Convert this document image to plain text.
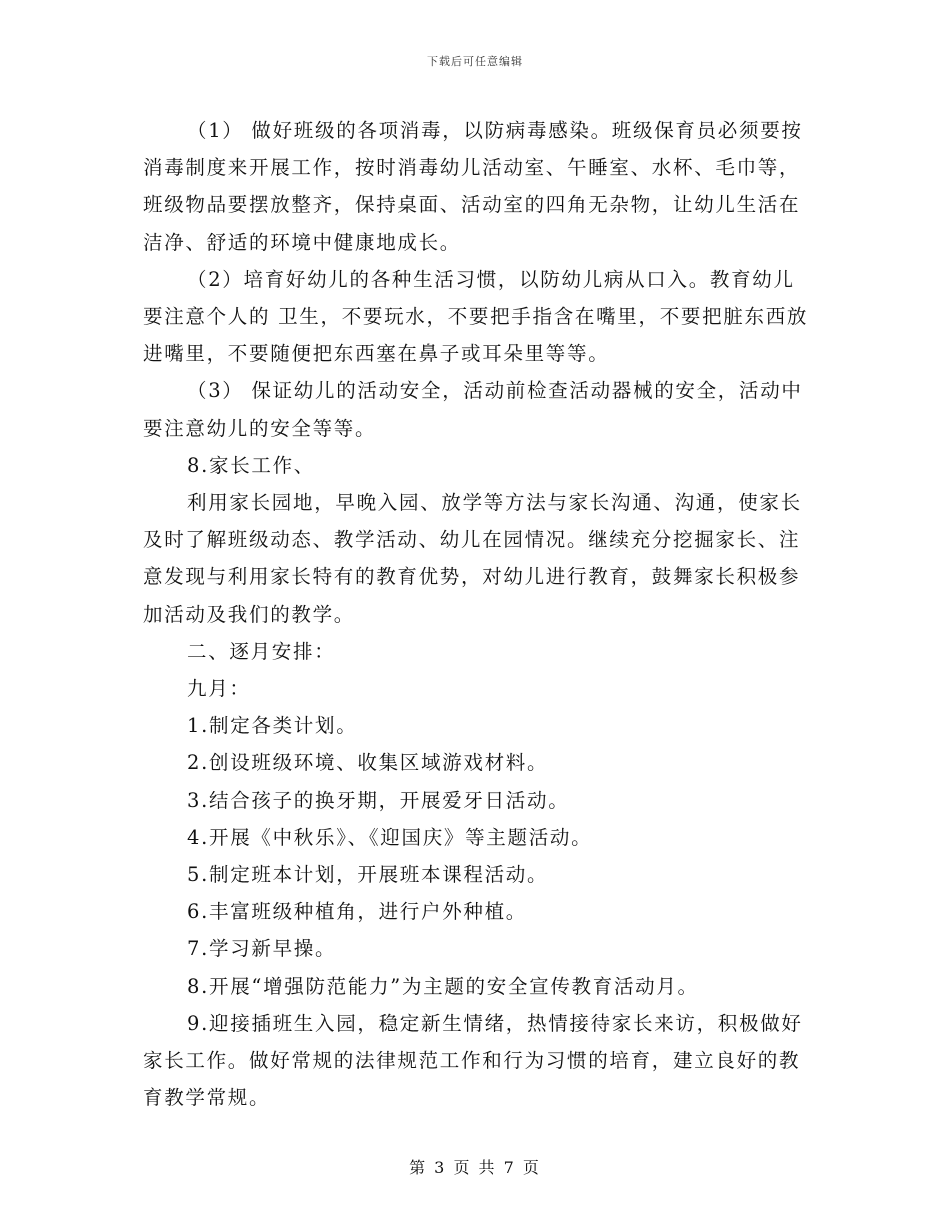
下载后可任意编辑

（1） 做好班级的各项消毒，以防病毒感染。班级保育员必须要按消毒制度来开展工作，按时消毒幼儿活动室、午睡室、水杯、毛巾等，班级物品要摆放整齐，保持桌面、活动室的四角无杂物，让幼儿生活在洁净、舒适的环境中健康地成长。

（2）培育好幼儿的各种生活习惯，以防幼儿病从口入。教育幼儿要注意个人的 卫生，不要玩水，不要把手指含在嘴里，不要把脏东西放进嘴里，不要随便把东西塞在鼻子或耳朵里等等。

（3） 保证幼儿的活动安全，活动前检查活动器械的安全，活动中要注意幼儿的安全等等。

8.家长工作、

利用家长园地，早晚入园、放学等方法与家长沟通、沟通，使家长及时了解班级动态、教学活动、幼儿在园情况。继续充分挖掘家长、注意发现与利用家长特有的教育优势，对幼儿进行教育，鼓舞家长积极参加活动及我们的教学。

二、逐月安排：

九月：

1.制定各类计划。

2.创设班级环境、收集区域游戏材料。

3.结合孩子的换牙期，开展爱牙日活动。

4.开展《中秋乐》、《迎国庆》等主题活动。

5.制定班本计划，开展班本课程活动。

6.丰富班级种植角，进行户外种植。

7.学习新早操。

8.开展“增强防范能力”为主题的安全宣传教育活动月。

9.迎接插班生入园，稳定新生情绪，热情接待家长来访，积极做好家长工作。做好常规的法律规范工作和行为习惯的培育，建立良好的教育教学常规。

第 3 页 共 7 页
